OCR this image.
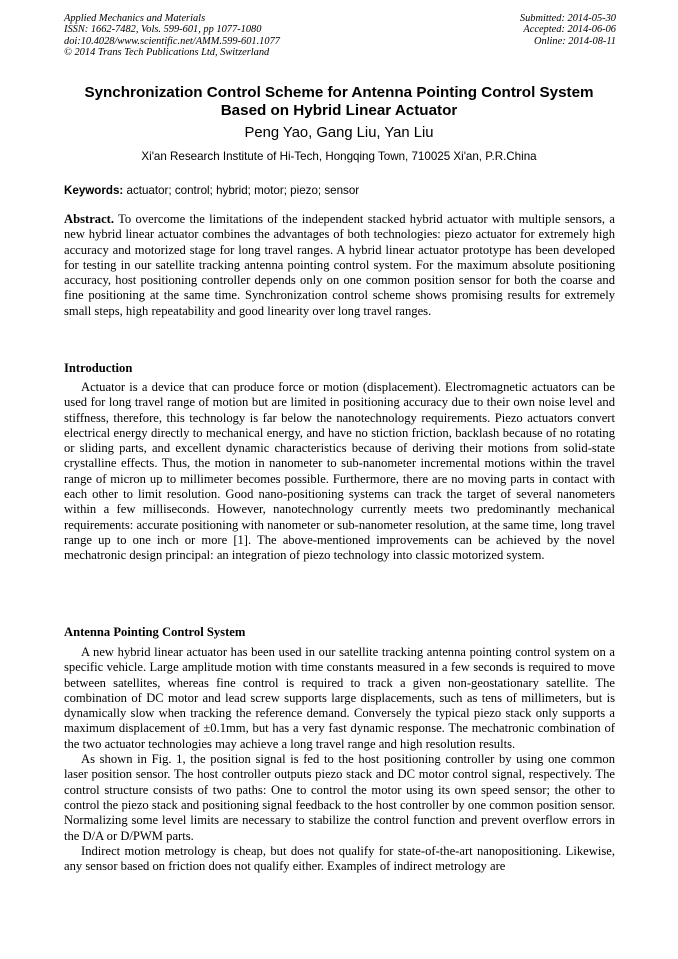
Applied Mechanics and Materials
ISSN: 1662-7482, Vols. 599-601, pp 1077-1080
doi:10.4028/www.scientific.net/AMM.599-601.1077
© 2014 Trans Tech Publications Ltd, Switzerland
Submitted: 2014-05-30
Accepted: 2014-06-06
Online: 2014-08-11
Synchronization Control Scheme for Antenna Pointing Control System
Based on Hybrid Linear Actuator
Peng Yao, Gang Liu, Yan Liu
Xi'an Research Institute of Hi-Tech, Hongqing Town, 710025 Xi'an, P.R.China
Keywords: actuator; control; hybrid; motor; piezo; sensor

Abstract. To overcome the limitations of the independent stacked hybrid actuator with multiple sensors, a new hybrid linear actuator combines the advantages of both technologies: piezo actuator for extremely high accuracy and motorized stage for long travel ranges. A hybrid linear actuator prototype has been developed for testing in our satellite tracking antenna pointing control system. For the maximum absolute positioning accuracy, host positioning controller depends only on one common position sensor for both the coarse and fine positioning at the same time. Synchronization control scheme shows promising results for extremely small steps, high repeatability and good linearity over long travel ranges.

Introduction

Actuator is a device that can produce force or motion (displacement). Electromagnetic actuators can be used for long travel range of motion but are limited in positioning accuracy due to their own noise level and stiffness, therefore, this technology is far below the nanotechnology requirements. Piezo actuators convert electrical energy directly to mechanical energy, and have no stiction friction, backlash because of no rotating or sliding parts, and excellent dynamic characteristics because of deriving their motions from solid-state crystalline effects. Thus, the motion in nanometer to sub-nanometer incremental motions within the travel range of micron up to millimeter becomes possible. Furthermore, there are no moving parts in contact with each other to limit resolution. Good nano-positioning systems can track the target of several nanometers within a few milliseconds. However, nanotechnology currently meets two predominantly mechanical requirements: accurate positioning with nanometer or sub-nanometer resolution, at the same time, long travel range up to one inch or more [1]. The above-mentioned improvements can be achieved by the novel mechatronic design principal: an integration of piezo technology into classic motorized system.

Antenna Pointing Control System

A new hybrid linear actuator has been used in our satellite tracking antenna pointing control system on a specific vehicle. Large amplitude motion with time constants measured in a few seconds is required to move between satellites, whereas fine control is required to track a given non-geostationary satellite. The combination of DC motor and lead screw supports large displacements, such as tens of millimeters, but is dynamically slow when tracking the reference demand. Conversely the typical piezo stack only supports a maximum displacement of ±0.1mm, but has a very fast dynamic response. The mechatronic combination of the two actuator technologies may achieve a long travel range and high resolution results.

As shown in Fig. 1, the position signal is fed to the host positioning controller by using one common laser position sensor. The host controller outputs piezo stack and DC motor control signal, respectively. The control structure consists of two paths: One to control the motor using its own speed sensor; the other to control the piezo stack and positioning signal feedback to the host controller by one common position sensor. Normalizing some level limits are necessary to stabilize the control function and prevent overflow errors in the D/A or D/PWM parts.

Indirect motion metrology is cheap, but does not qualify for state-of-the-art nanopositioning. Likewise, any sensor based on friction does not qualify either. Examples of indirect metrology are
